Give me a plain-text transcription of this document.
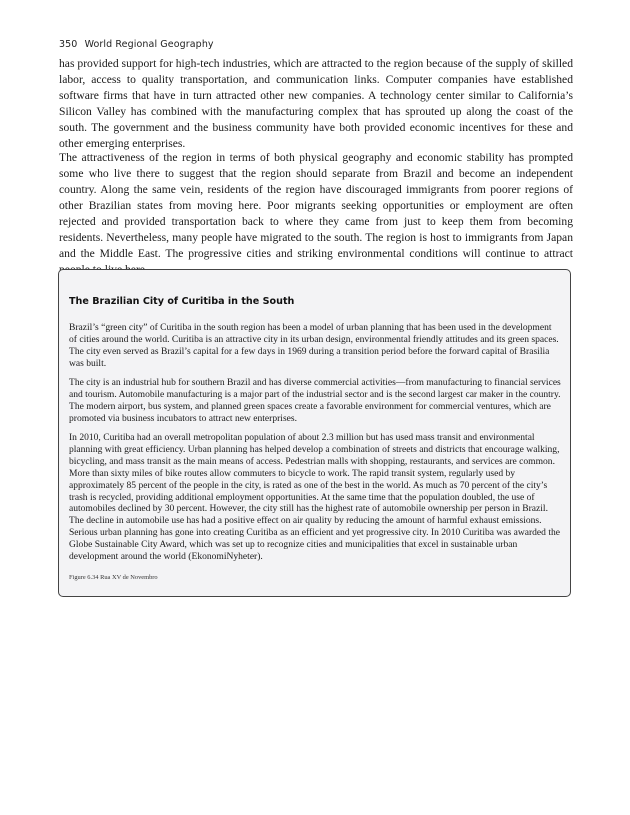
350 World Regional Geography

has provided support for high-tech industries, which are attracted to the region because of the supply of skilled labor, access to quality transportation, and communication links. Computer companies have established software firms that have in turn attracted other new companies. A technology center similar to California’s Silicon Valley has combined with the manufacturing complex that has sprouted up along the coast of the south. The government and the business community have both provided economic incentives for these and other emerging enterprises.

The attractiveness of the region in terms of both physical geography and economic stability has prompted some who live there to suggest that the region should separate from Brazil and become an independent country. Along the same vein, residents of the region have discouraged immigrants from poorer regions of other Brazilian states from moving here. Poor migrants seeking opportunities or employment are often rejected and provided transportation back to where they came from just to keep them from becoming residents. Nevertheless, many people have migrated to the south. The region is host to immigrants from Japan and the Middle East. The progressive cities and striking environmental conditions will continue to attract

The Brazilian City of Curitiba in the South

Brazil’s “green city” of Curitiba in the south region has been a model of urban planning that has been used in the development of cities around the world. Curitiba is an attractive city in its urban design, environmental friendly attitudes and its green spaces. The city even served as Brazil’s capital for a few days in 1969 during a transition period before the forward capital of Brasilia was built.

The city is an industrial hub for southern Brazil and has diverse commercial activities—from manufacturing to financial services and tourism. Automobile manufacturing is a major part of the industrial sector and is the second largest car maker in the country. The modern airport, bus system, and planned green spaces create a favorable environment for commercial ventures, which are promoted via business incubators to attract new enterprises.

In 2010, Curitiba had an overall metropolitan population of about 2.3 million but has used mass transit and environmental planning with great efficiency. Urban planning has helped develop a combination of streets and districts that encourage walking, bicycling, and mass transit as the main means of access. Pedestrian malls with shopping, restaurants, and services are common. More than sixty miles of bike routes allow commuters to bicycle to work. The rapid transit system, regularly used by approximately 85 percent of the people in the city, is rated as one of the best in the world. As much as 70 percent of the city’s trash is recycled, providing additional employment opportunities. At the same time that the population doubled, the use of automobiles declined by 30 percent. However, the city still has the highest rate of automobile ownership per person in Brazil. The decline in automobile use has had a positive effect on air quality by reducing the amount of harmful exhaust emissions. Serious urban planning has gone into creating Curitiba as an efficient and yet progressive city. In 2010 Curitiba was awarded the Globe Sustainable City Award, which was set up to recognize cities and municipalities that excel in sustainable urban development around the world (EkonomiNyheter).

Figure 6.34 Rua XV de Novembro
